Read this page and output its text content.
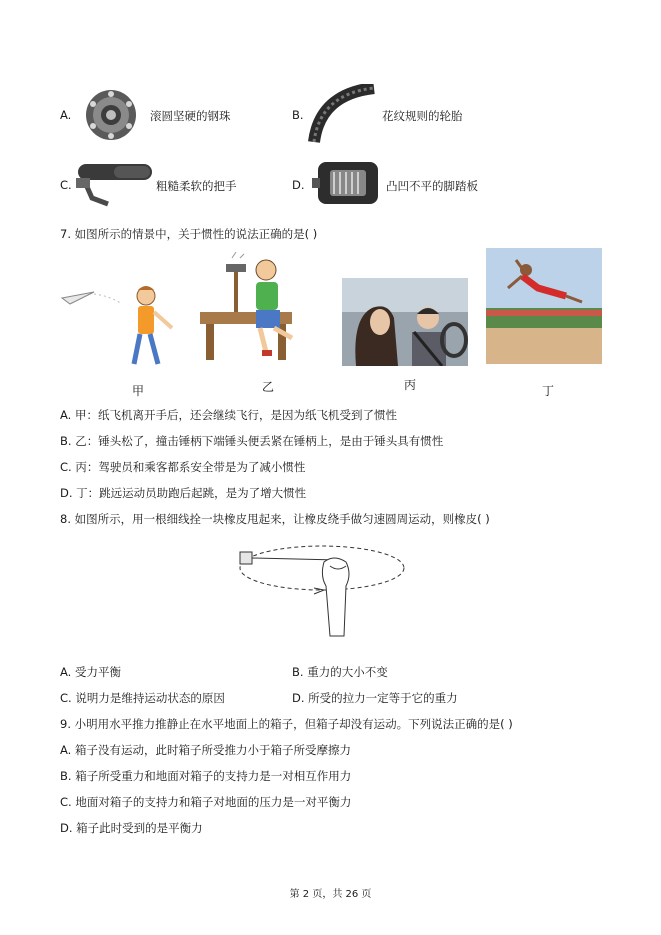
A.	滚圆坚硬的钢珠	B.	花纹规则的轮胎
C.	粗糙柔软的把手	D.	凸凹不平的脚踏板
7. 如图所示的情景中，关于惯性的说法正确的是( )
甲	乙	丙	丁
A. 甲：纸飞机离开手后，还会继续飞行，是因为纸飞机受到了惯性
B. 乙：锤头松了，撞击锤柄下端锤头便丢紧在锤柄上，是由于锤头具有惯性
C. 丙：驾驶员和乘客都系安全带是为了减小惯性
D. 丁：跳远运动员助跑后起跳，是为了增大惯性
8. 如图所示，用一根细线拴一块橡皮甩起来，让橡皮绕手做匀速圆周运动，则橡皮( )
A. 受力平衡	B. 重力的大小不变
C. 说明力是维持运动状态的原因	D. 所受的拉力一定等于它的重力
9. 小明用水平推力推静止在水平地面上的箱子，但箱子却没有运动。下列说法正确的是( )
A. 箱子没有运动，此时箱子所受推力小于箱子所受摩擦力
B. 箱子所受重力和地面对箱子的支持力是一对相互作用力
C. 地面对箱子的支持力和箱子对地面的压力是一对平衡力
D. 箱子此时受到的是平衡力
第 2 页，共 26 页
